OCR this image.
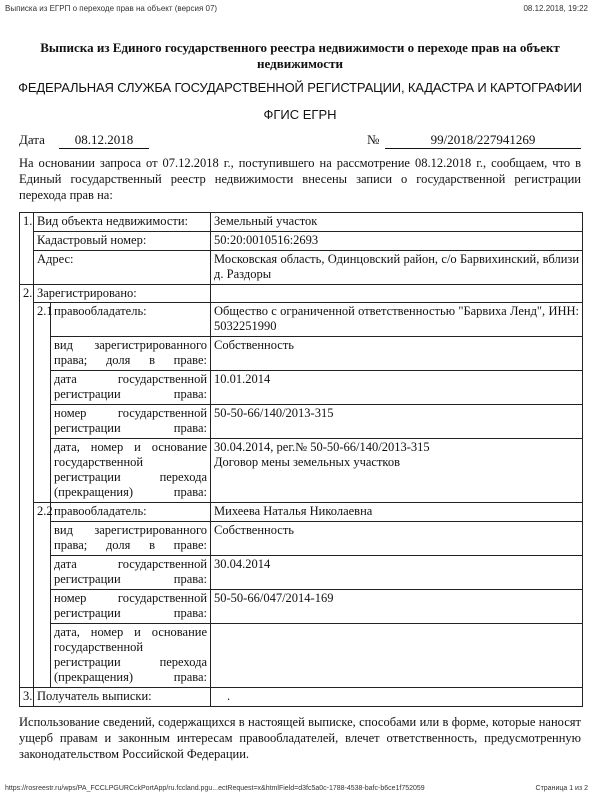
Выписка из ЕГРП о переходе прав на объект (версия 07)	08.12.2018, 19:22
Выписка из Единого государственного реестра недвижимости о переходе прав на объект недвижимости
ФЕДЕРАЛЬНАЯ СЛУЖБА ГОСУДАРСТВЕННОЙ РЕГИСТРАЦИИ, КАДАСТРА И КАРТОГРАФИИ
ФГИС ЕГРН
Дата	08.12.2018	№	99/2018/227941269
На основании запроса от 07.12.2018 г., поступившего на рассмотрение 08.12.2018 г., сообщаем, что в Единый государственный реестр недвижимости внесены записи о государственной регистрации перехода прав на:
1.	Вид объекта недвижимости:		Земельный участок
	Кадастровый номер:		50:20:0010516:2693
	Адрес:		Московская область, Одинцовский район, с/о Барвихинский, вблизи д. Раздоры
2.	Зарегистрировано:		
	2.1	правообладатель:	Общество с ограниченной ответственностью "Барвиха Ленд", ИНН: 5032251990
		вид зарегистрированного права; доля в праве:	Собственность
		дата государственной регистрации права:	10.01.2014
		номер государственной регистрации права:	50-50-66/140/2013-315
		дата, номер и основание государственной регистрации перехода (прекращения) права:	30.04.2014, рег.№ 50-50-66/140/2013-315
Договор мены земельных участков

	2.2	правообладатель:	Михеева Наталья Николаевна
		вид зарегистрированного права; доля в праве:	Собственность
		дата государственной регистрации права:	30.04.2014
		номер государственной регистрации права:	50-50-66/047/2014-169
		дата, номер и основание государственной регистрации перехода (прекращения) права:	

3.	Получатель выписки:		.
Использование сведений, содержащихся в настоящей выписке, способами или в форме, которые наносят ущерб правам и законным интересам правообладателей, влечет ответственность, предусмотренную законодательством Российской Федерации.
https://rosreestr.ru/wps/PA_FCCLPGURCckPortApp/ru.fccland.pgu...ectRequest=x&htmlField=d3fc5a0c-1788-4538-bafc-b6ce1f752059	Страница 1 из 2
